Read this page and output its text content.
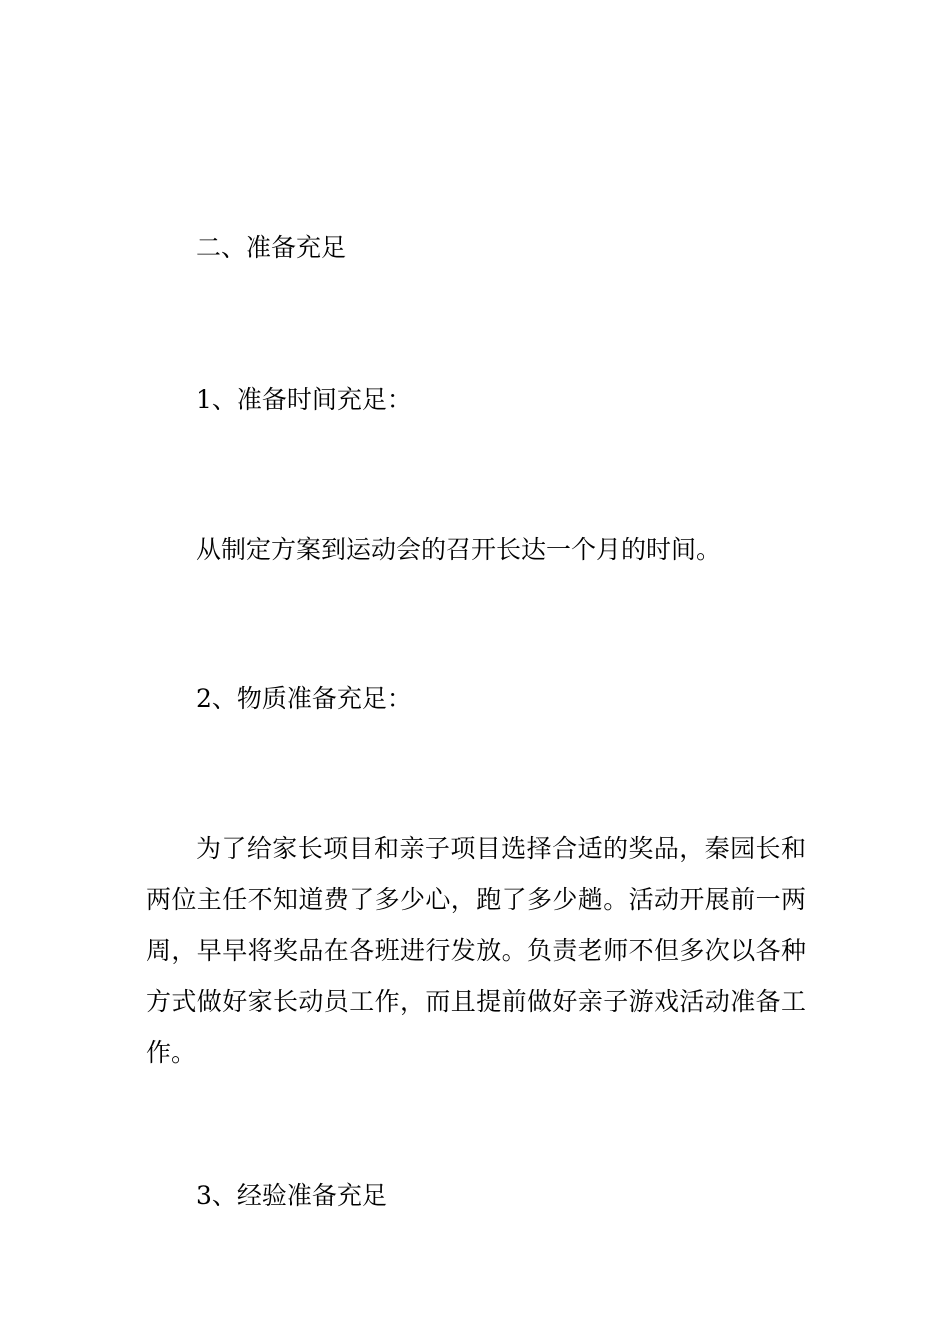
二、准备充足

1、准备时间充足：

从制定方案到运动会的召开长达一个月的时间。

2、物质准备充足：

为了给家长项目和亲子项目选择合适的奖品，秦园长和两位主任不知道费了多少心，跑了多少趟。活动开展前一两周，早早将奖品在各班进行发放。负责老师不但多次以各种方式做好家长动员工作，而且提前做好亲子游戏活动准备工作。

3、经验准备充足
